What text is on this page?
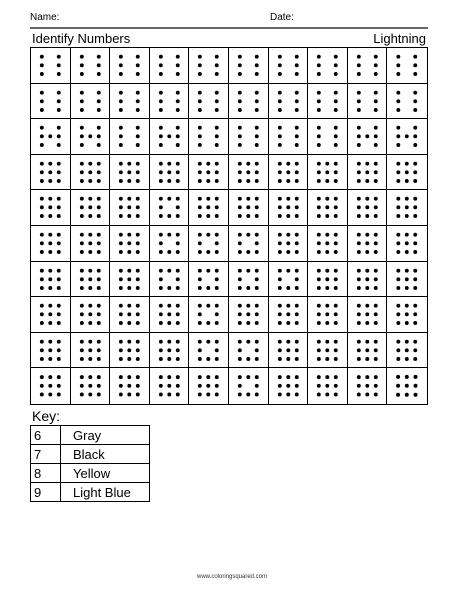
Name:	Date:
Identify Numbers	Lightning
Key:
6	Gray
7	Black
8	Yellow
9	Light Blue
www.coloringsquared.com
